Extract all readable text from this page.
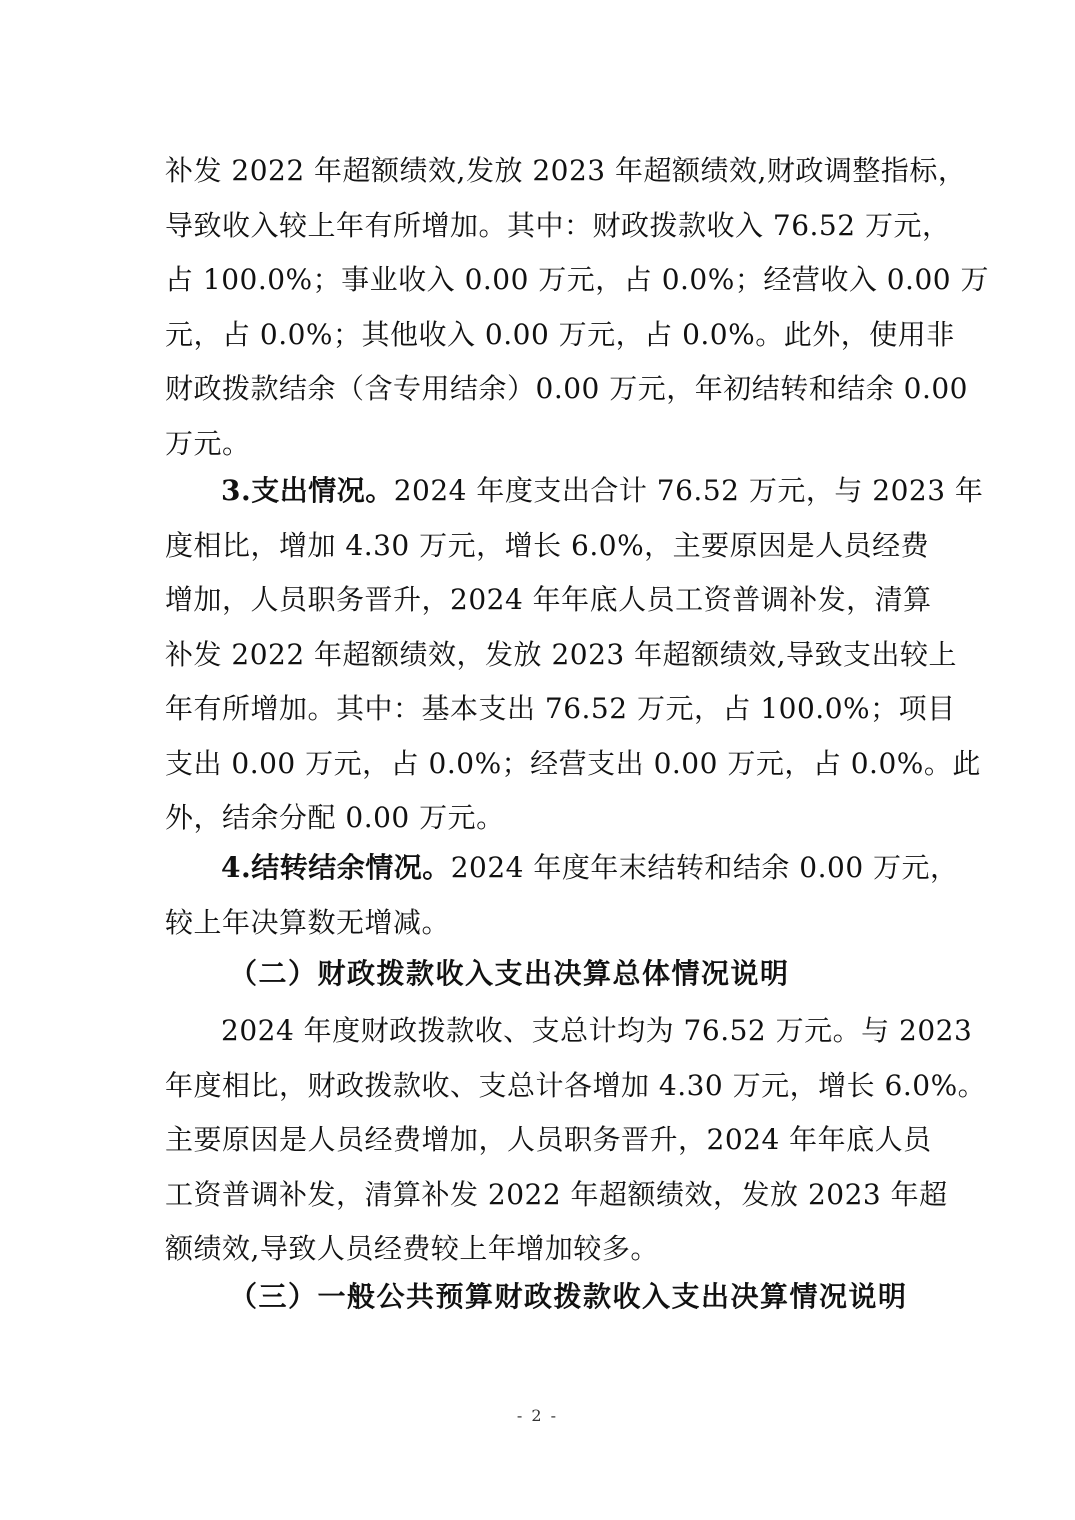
补发 2022 年超额绩效,发放 2023 年超额绩效,财政调整指标，
导致收入较上年有所增加。其中：财政拨款收入 76.52 万元，
占 100.0%；事业收入 0.00 万元，占 0.0%；经营收入 0.00 万
元，占 0.0%；其他收入 0.00 万元，占 0.0%。此外，使用非
财政拨款结余（含专用结余）0.00 万元，年初结转和结余 0.00
万元。
3.支出情况。2024 年度支出合计 76.52 万元，与 2023 年
度相比，增加 4.30 万元，增长 6.0%，主要原因是人员经费
增加，人员职务晋升，2024 年年底人员工资普调补发，清算
补发 2022 年超额绩效，发放 2023 年超额绩效,导致支出较上
年有所增加。其中：基本支出 76.52 万元，占 100.0%；项目
支出 0.00 万元，占 0.0%；经营支出 0.00 万元，占 0.0%。此
外，结余分配 0.00 万元。
4.结转结余情况。2024 年度年末结转和结余 0.00 万元，
较上年决算数无增减。
（二）财政拨款收入支出决算总体情况说明
2024 年度财政拨款收、支总计均为 76.52 万元。与 2023
年度相比，财政拨款收、支总计各增加 4.30 万元，增长 6.0%。
主要原因是人员经费增加，人员职务晋升，2024 年年底人员
工资普调补发，清算补发 2022 年超额绩效，发放 2023 年超
额绩效,导致人员经费较上年增加较多。
（三）一般公共预算财政拨款收入支出决算情况说明
- 2 -
